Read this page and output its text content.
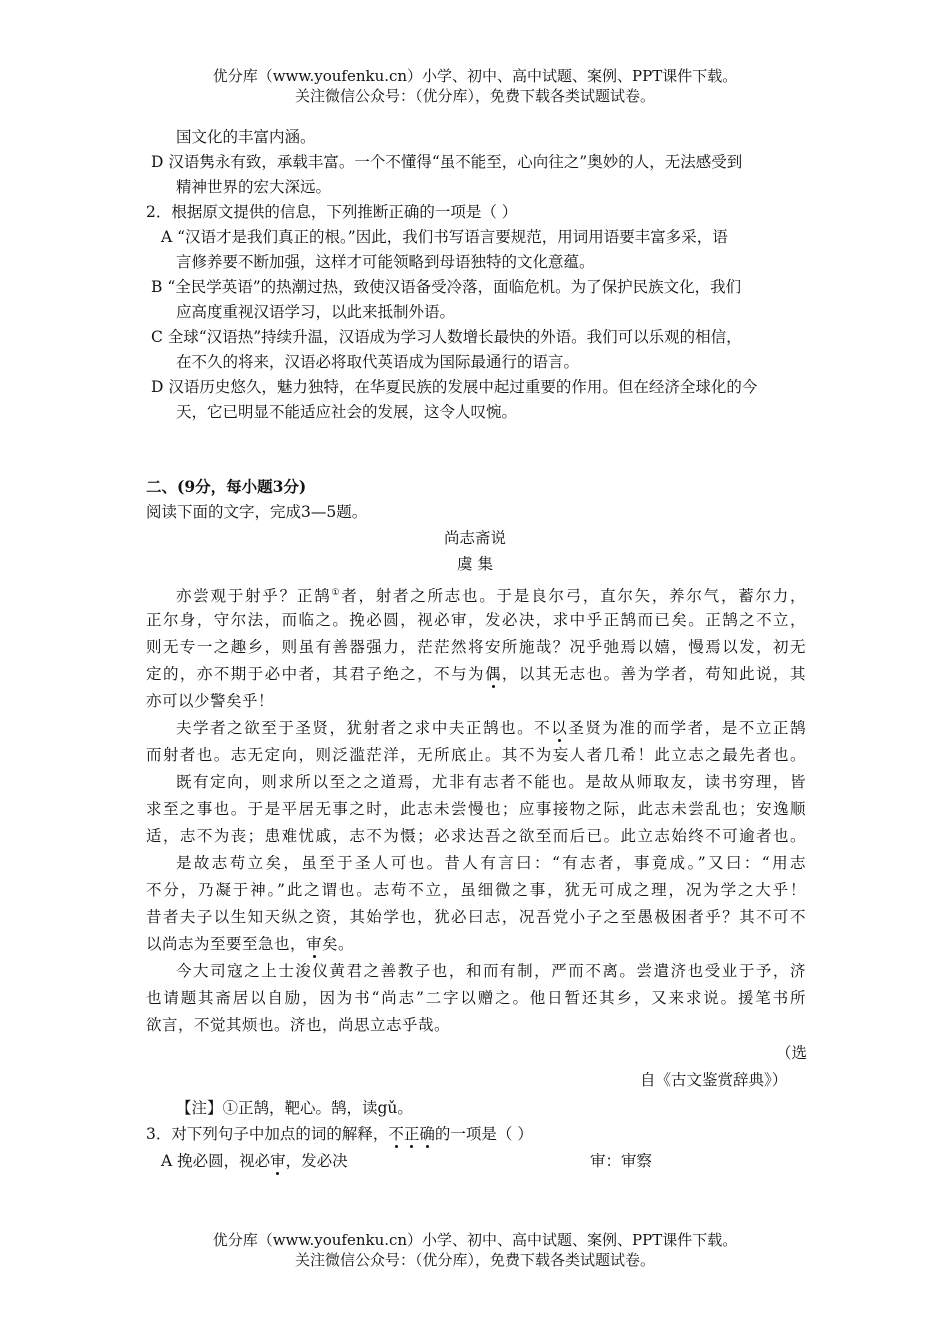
优分库（www.youfenku.cn）小学、初中、高中试题、案例、PPT课件下载。
关注微信公众号：（优分库），免费下载各类试题试卷。
国文化的丰富内涵。
D 汉语隽永有致，承载丰富。一个不懂得“虽不能至，心向往之”奥妙的人，无法感受到
精神世界的宏大深远。
2．根据原文提供的信息，下列推断正确的一项是（ ）
A “汉语才是我们真正的根。”因此，我们书写语言要规范，用词用语要丰富多采，语
言修养要不断加强，这样才可能领略到母语独特的文化意蕴。
B “全民学英语”的热潮过热，致使汉语备受冷落，面临危机。为了保护民族文化，我们
应高度重视汉语学习，以此来抵制外语。
C 全球“汉语热”持续升温，汉语成为学习人数增长最快的外语。我们可以乐观的相信，
在不久的将来，汉语必将取代英语成为国际最通行的语言。
D 汉语历史悠久，魅力独特，在华夏民族的发展中起过重要的作用。但在经济全球化的今
天，它已明显不能适应社会的发展，这令人叹惋。
二、(9分，每小题3分)
阅读下面的文字，完成3—5题。
尚志斋说
虞 集
亦尝观于射乎？正鹄①者，射者之所志也。于是良尔弓，直尔矢，养尔气，蓄尔力，
正尔身，守尔法，而临之。挽必圆，视必审，发必决，求中乎正鹄而已矣。正鹄之不立，
则无专一之趣乡，则虽有善器强力，茫茫然将安所施哉？况乎弛焉以嬉，慢焉以发，初无
定的，亦不期于必中者，其君子绝之，不与为偶，以其无志也。善为学者，苟知此说，其
亦可以少警矣乎！
夫学者之欲至于圣贤，犹射者之求中夫正鹄也。不以圣贤为准的而学者，是不立正鹄
而射者也。志无定向，则泛滥茫洋，无所底止。其不为妄人者几希！此立志之最先者也。
既有定向，则求所以至之之道焉，尤非有志者不能也。是故从师取友，读书穷理，皆
求至之事也。于是平居无事之时，此志未尝慢也；应事接物之际，此志未尝乱也；安逸顺
适，志不为丧；患难忧戚，志不为慑；必求达吾之欲至而后已。此立志始终不可逾者也。
是故志苟立矣，虽至于圣人可也。昔人有言曰：“有志者，事竟成。”又曰：“用志
不分，乃凝于神。”此之谓也。志苟不立，虽细微之事，犹无可成之理，况为学之大乎！
昔者夫子以生知天纵之资，其始学也，犹必曰志，况吾党小子之至愚极困者乎？其不可不
以尚志为至要至急也，审矣。
今大司寇之上士浚仪黄君之善教子也，和而有制，严而不离。尝遣济也受业于予，济
也请题其斋居以自励，因为书“尚志”二字以赠之。他日暂还其乡，又来求说。援笔书所
欲言，不觉其烦也。济也，尚思立志乎哉。
（选
自《古文鉴赏辞典》）
【注】①正鹄，靶心。鹄，读gǔ。
3．对下列句子中加点的词的解释，不正确的一项是（ ）
A 挽必圆，视必审，发必决	审：审察
优分库（www.youfenku.cn）小学、初中、高中试题、案例、PPT课件下载。
关注微信公众号：（优分库），免费下载各类试题试卷。
